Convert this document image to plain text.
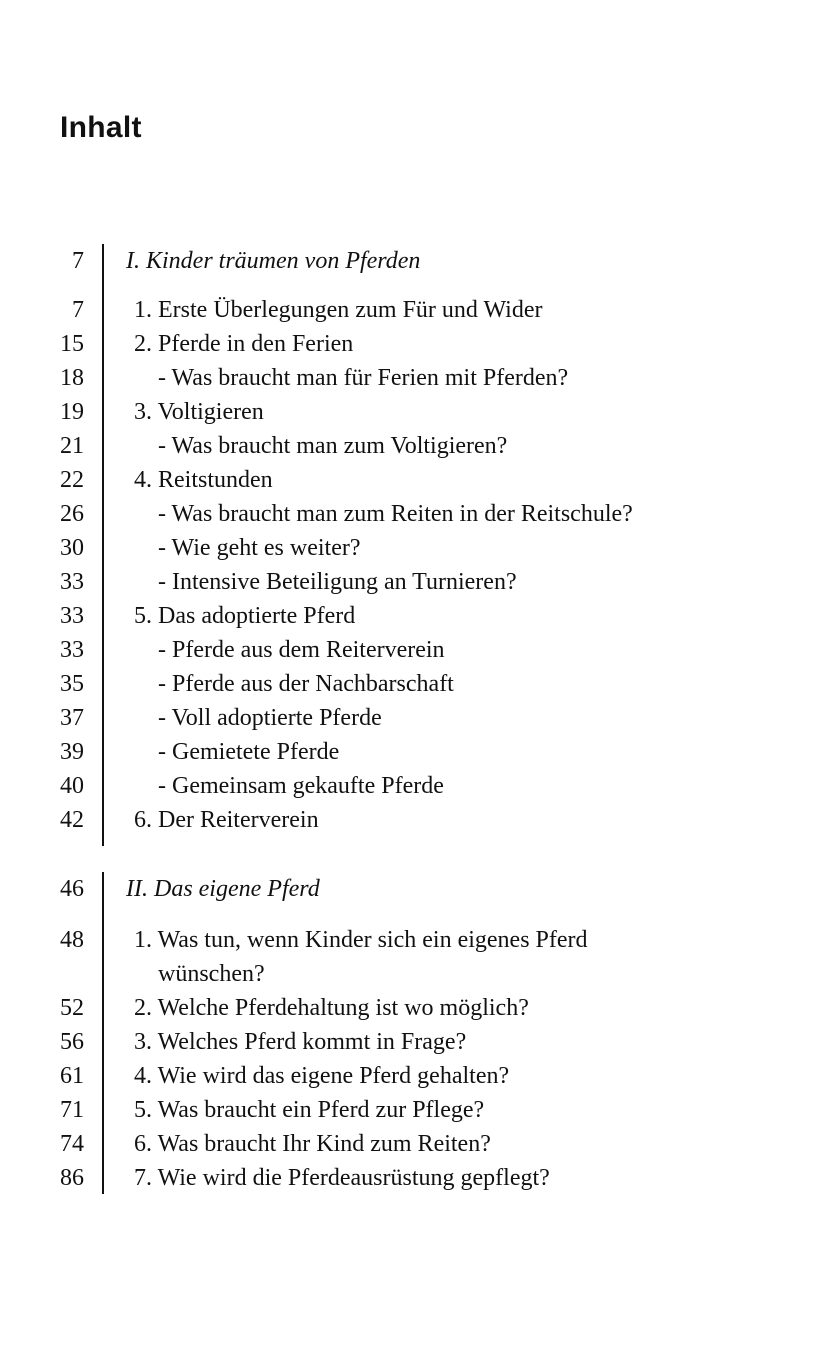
Inhalt
7 I. Kinder träumen von Pferden
7 1. Erste Überlegungen zum Für und Wider
15 2. Pferde in den Ferien
18	- Was braucht man für Ferien mit Pferden?
19 3. Voltigieren
21	- Was braucht man zum Voltigieren?
22 4. Reitstunden
26	- Was braucht man zum Reiten in der Reitschule?
30	- Wie geht es weiter?
33	- Intensive Beteiligung an Turnieren?
33 5. Das adoptierte Pferd
33	- Pferde aus dem Reiterverein
35	- Pferde aus der Nachbarschaft
37	- Voll adoptierte Pferde
39	- Gemietete Pferde
40	- Gemeinsam gekaufte Pferde
42 6. Der Reiterverein
46 II. Das eigene Pferd
48 1. Was tun, wenn Kinder sich ein eigenes Pferd
wünschen?
52 2. Welche Pferdehaltung ist wo möglich?
56 3. Welches Pferd kommt in Frage?
61 4. Wie wird das eigene Pferd gehalten?
71 5. Was braucht ein Pferd zur Pflege?
74 6. Was braucht Ihr Kind zum Reiten?
86 7. Wie wird die Pferdeausrüstung gepflegt?
